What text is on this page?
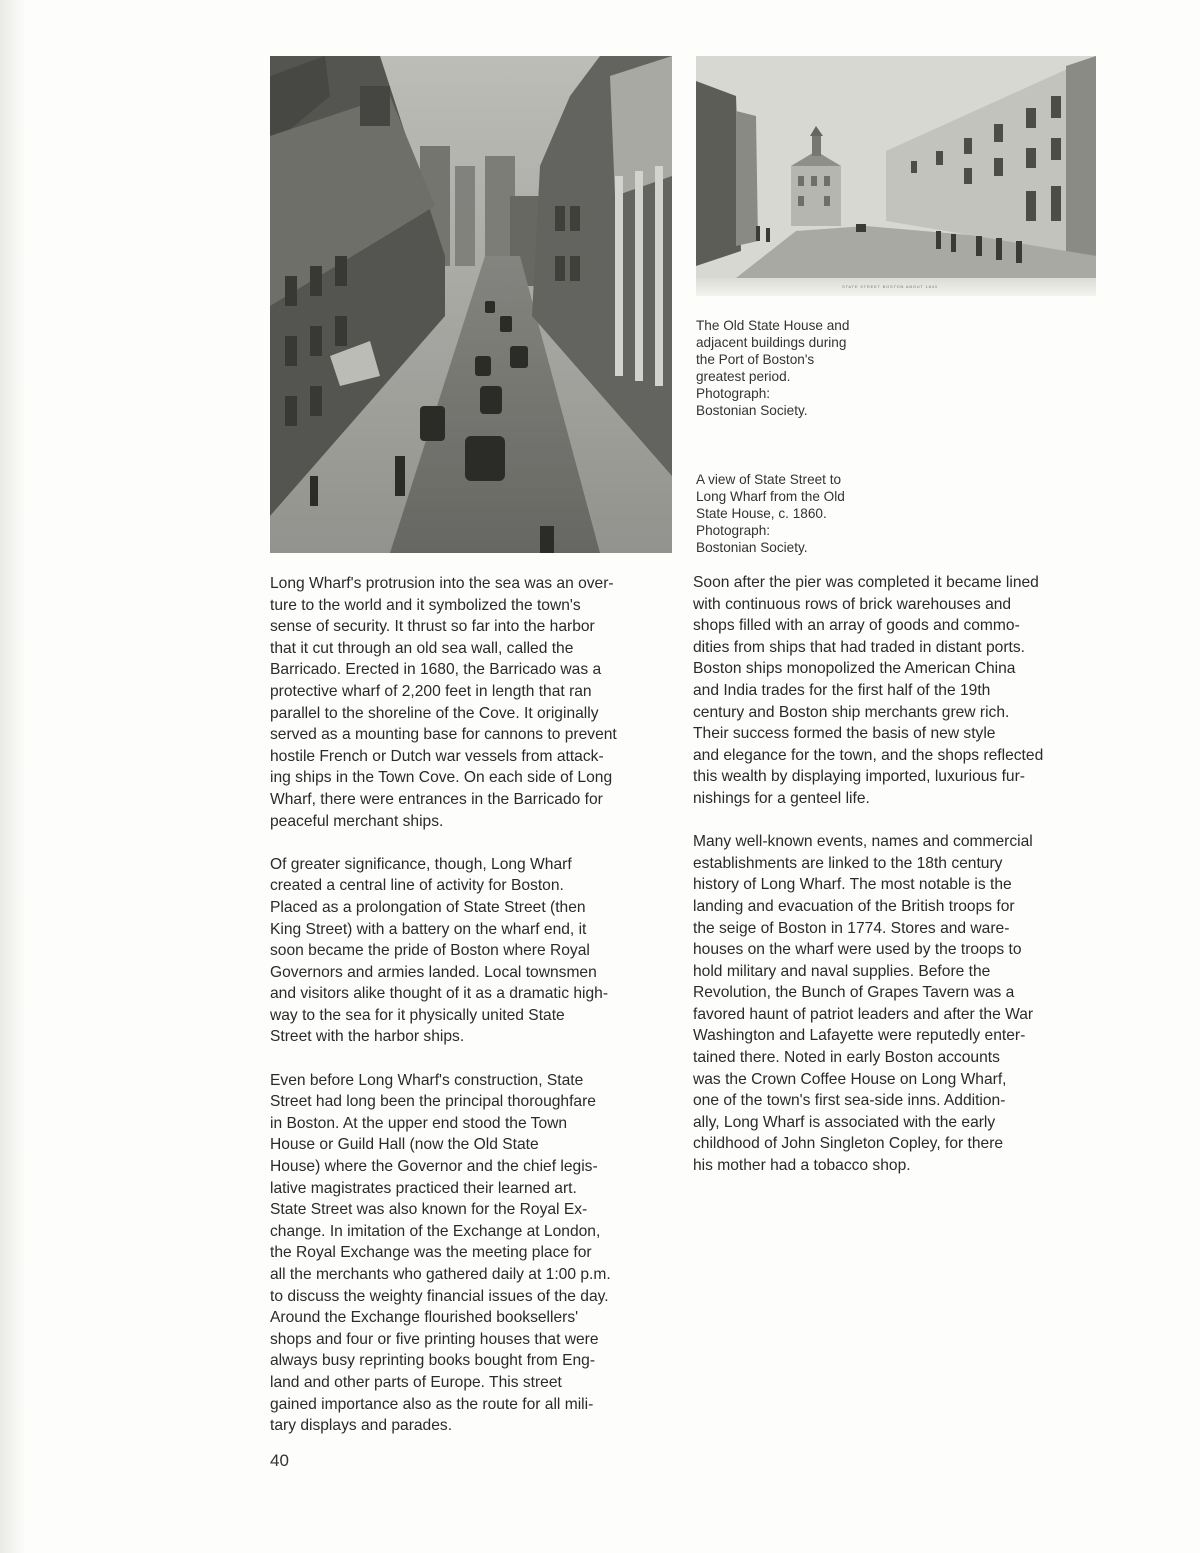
STATE STREET BOSTON ABOUT 1843

The Old State House and

adjacent buildings during

the Port of Boston's

greatest period.

Photograph:

Bostonian Society.

A view of State Street to

Long Wharf from the Old

State House, c. 1860.

Photograph:

Bostonian Society.

Long Wharf's protrusion into the sea was an over-
ture to the world and it symbolized the town's
sense of security. It thrust so far into the harbor
that it cut through an old sea wall, called the
Barricado. Erected in 1680, the Barricado was a
protective wharf of 2,200 feet in length that ran
parallel to the shoreline of the Cove. It originally
served as a mounting base for cannons to prevent
hostile French or Dutch war vessels from attack-
ing ships in the Town Cove. On each side of Long
Wharf, there were entrances in the Barricado for
peaceful merchant ships.
Of greater significance, though, Long Wharf
created a central line of activity for Boston.
Placed as a prolongation of State Street (then
King Street) with a battery on the wharf end, it
soon became the pride of Boston where Royal
Governors and armies landed. Local townsmen
and visitors alike thought of it as a dramatic high-
way to the sea for it physically united State
Street with the harbor ships.
Even before Long Wharf's construction, State
Street had long been the principal thoroughfare
in Boston. At the upper end stood the Town
House or Guild Hall (now the Old State
House) where the Governor and the chief legis-
lative magistrates practiced their learned art.
State Street was also known for the Royal Ex-
change. In imitation of the Exchange at London,
the Royal Exchange was the meeting place for
all the merchants who gathered daily at 1:00 p.m.
to discuss the weighty financial issues of the day.
Around the Exchange flourished booksellers'
shops and four or five printing houses that were
always busy reprinting books bought from Eng-
land and other parts of Europe. This street
gained importance also as the route for all mili-
tary displays and parades.
Soon after the pier was completed it became lined
with continuous rows of brick warehouses and
shops filled with an array of goods and commo-
dities from ships that had traded in distant ports.
Boston ships monopolized the American China
and India trades for the first half of the 19th
century and Boston ship merchants grew rich.
Their success formed the basis of new style
and elegance for the town, and the shops reflected
this wealth by displaying imported, luxurious fur-
nishings for a genteel life.
Many well-known events, names and commercial
establishments are linked to the 18th century
history of Long Wharf. The most notable is the
landing and evacuation of the British troops for
the seige of Boston in 1774. Stores and ware-
houses on the wharf were used by the troops to
hold military and naval supplies. Before the
Revolution, the Bunch of Grapes Tavern was a
favored haunt of patriot leaders and after the War
Washington and Lafayette were reputedly enter-
tained there. Noted in early Boston accounts
was the Crown Coffee House on Long Wharf,
one of the town's first sea-side inns. Addition-
ally, Long Wharf is associated with the early
childhood of John Singleton Copley, for there
his mother had a tobacco shop.
40
